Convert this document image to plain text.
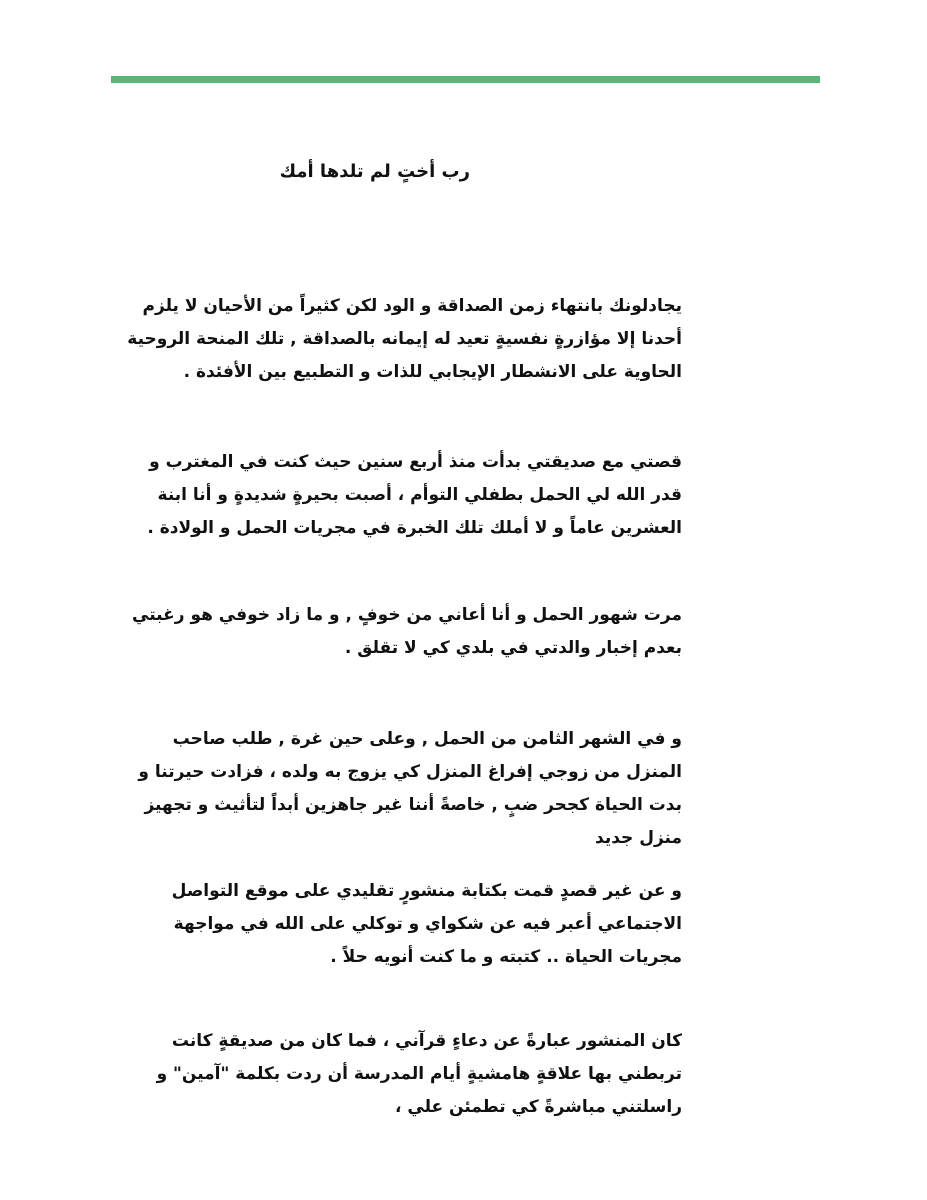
رب أختٍ لم تلدها أمك

يجادلونك بانتهاء زمن الصداقة و الود لكن كثيراً من الأحيان لا يلزم أحدنا إلا مؤازرةٍ نفسيةٍ تعيد له إيمانه بالصداقة , تلك المنحة الروحية الحاوية على الانشطار الإيجابي للذات و التطبيع بين الأفئدة .

قصتي مع صديقتي بدأت منذ أربع سنين حيث كنت في المغترب و قدر الله لي الحمل بطفلي التوأم ، أصبت بحيرةٍ شديدةٍ و أنا ابنة العشرين عاماً و لا أملك تلك الخبرة في مجريات الحمل و الولادة .

مرت شهور الحمل و أنا أعاني من خوفٍ , و ما زاد خوفي هو رغبتي بعدم إخبار والدتي في بلدي كي لا تقلق .

و في الشهر الثامن من الحمل , وعلى حين غرة , طلب صاحب المنزل من زوجي إفراغ المنزل كي يزوج به ولده ، فزادت حيرتنا و بدت الحياة كجحر ضبٍ , خاصةً أننا غير جاهزين أبداً لتأثيث و تجهيز منزل جديد

و عن غير قصدٍ قمت بكتابة منشورٍ تقليدي على موقع التواصل الاجتماعي أعبر فيه عن شكواي و توكلي على الله في مواجهة مجريات الحياة .. كتبته و ما كنت أنويه حلاً .

كان المنشور عبارةً عن دعاءٍ قرآني ، فما كان من صديقةٍ كانت تربطني بها علاقةٍ هامشيةٍ أيام المدرسة أن ردت بكلمة "آمين" و راسلتني مباشرةً كي تطمئن علي ،
